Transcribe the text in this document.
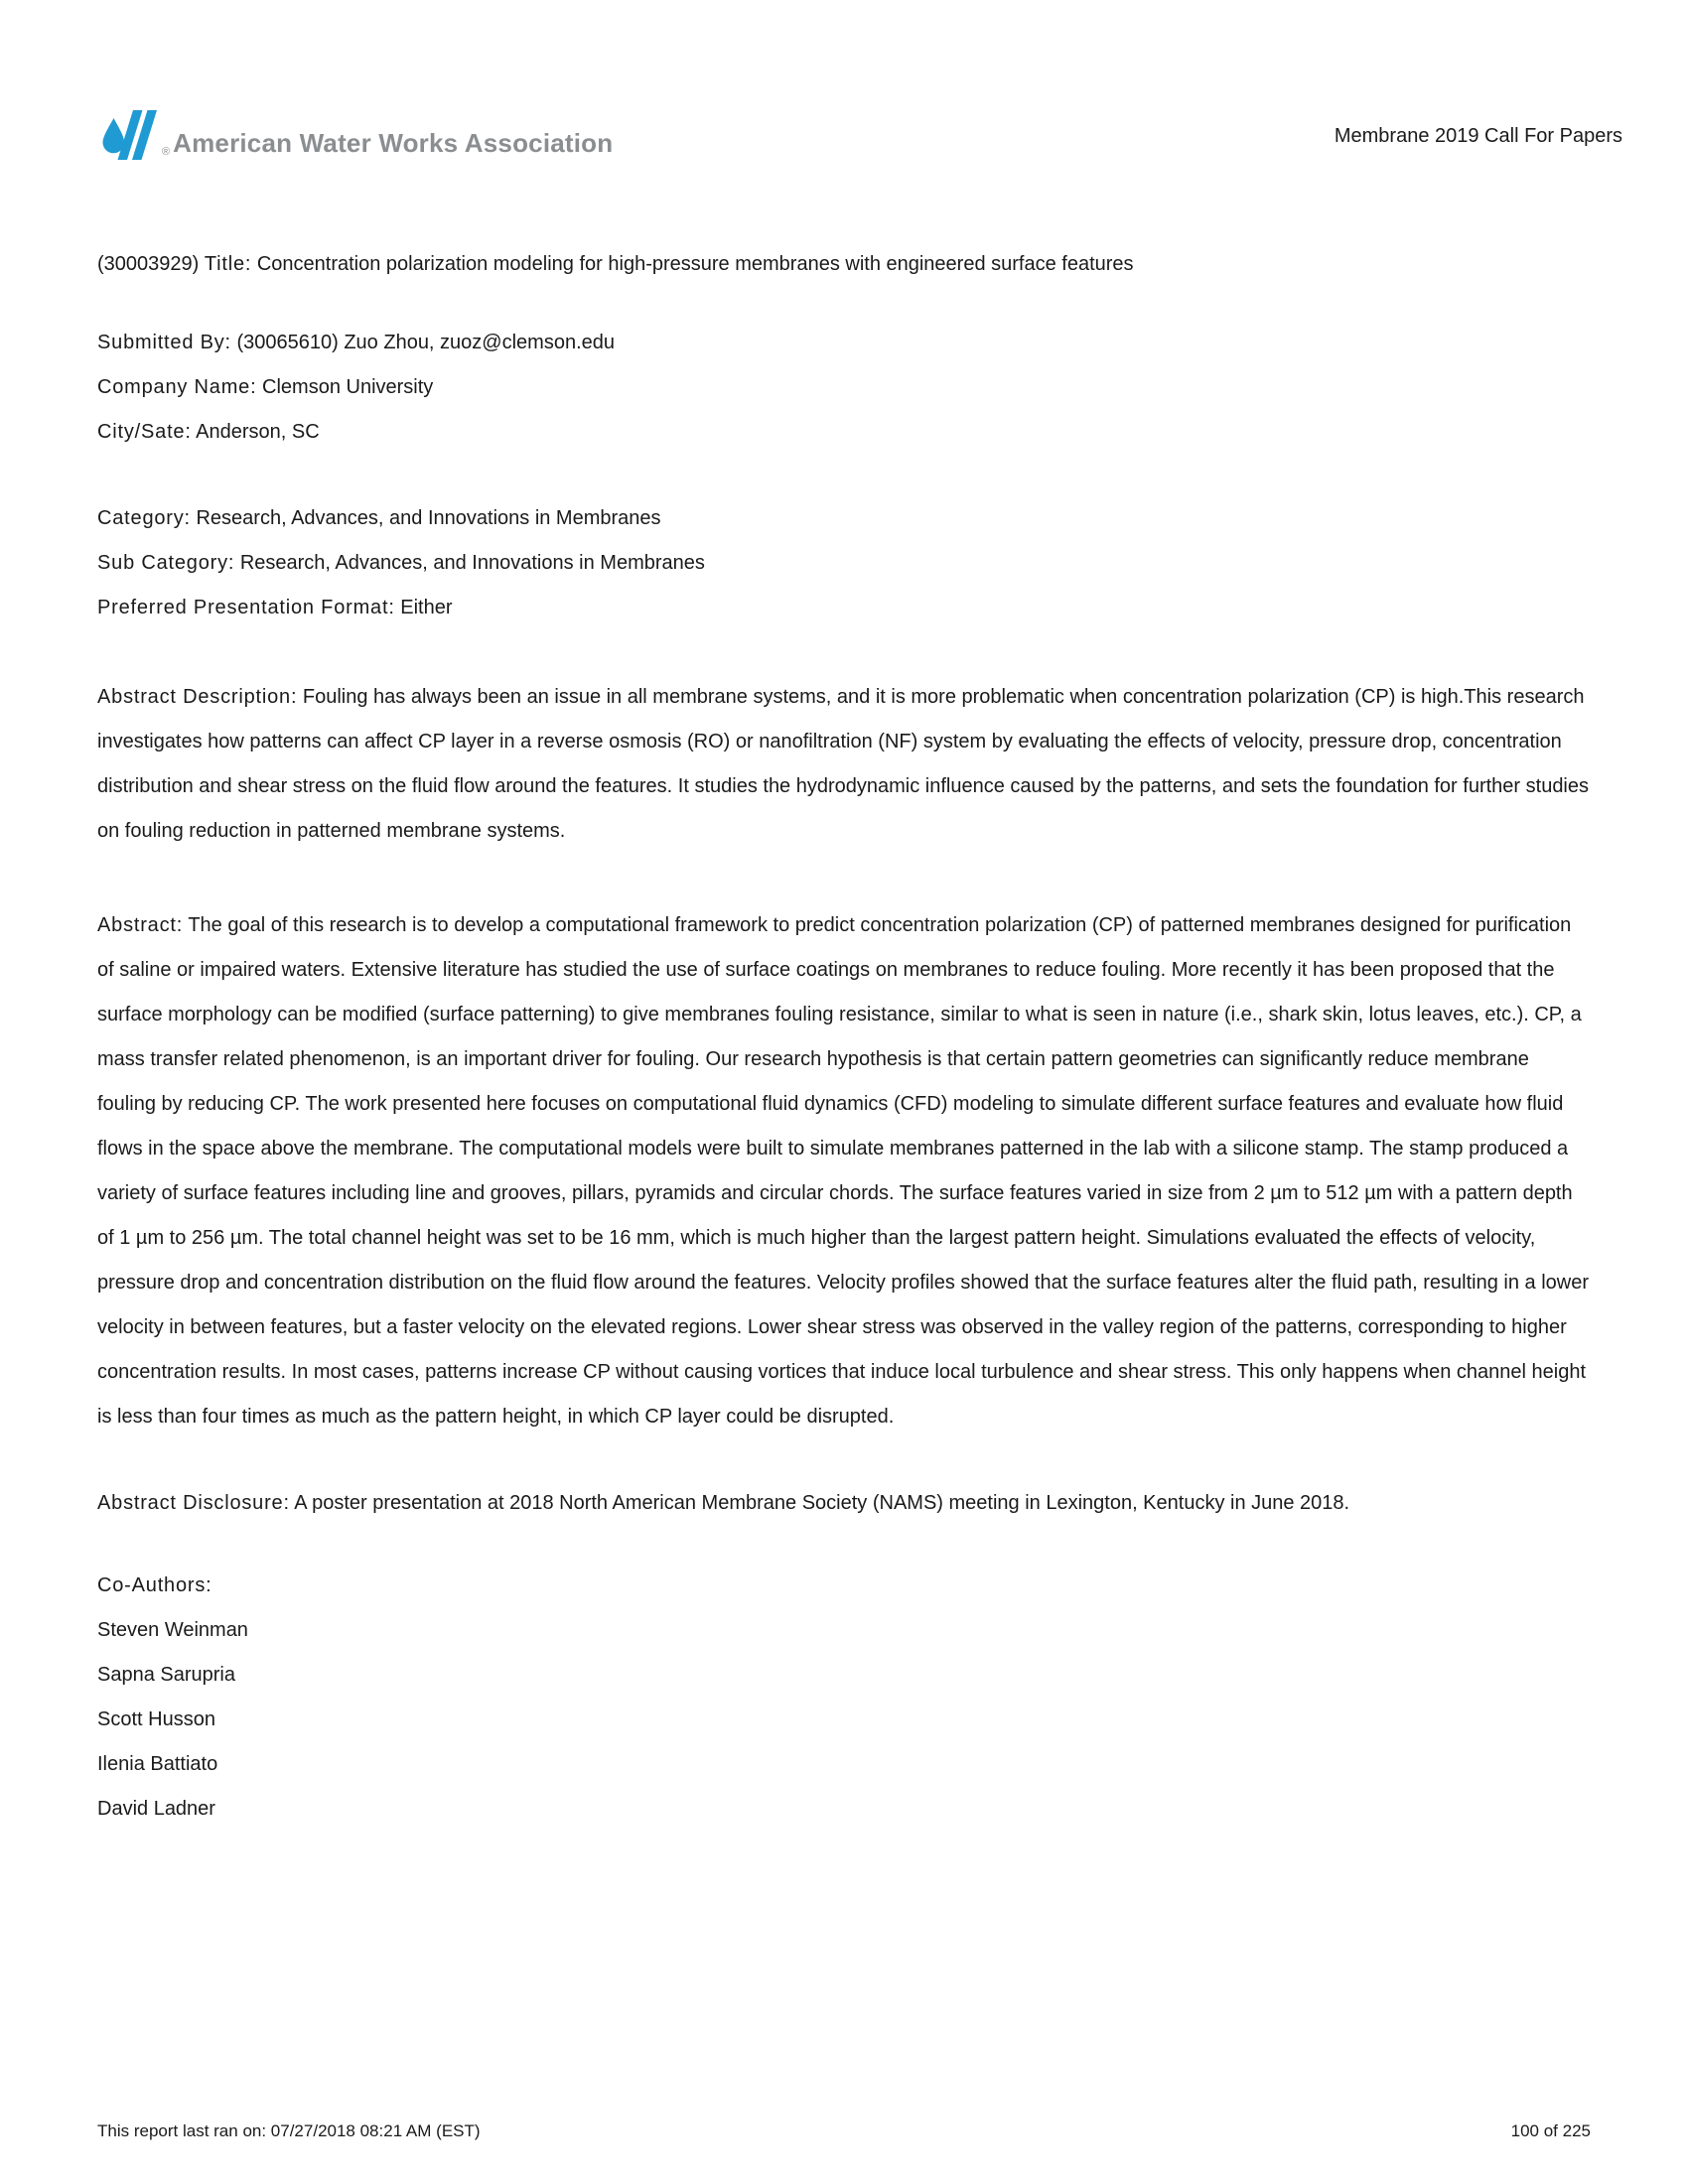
® American Water Works Association	Membrane 2019 Call For Papers
(30003929) Title: Concentration polarization modeling for high-pressure membranes with engineered surface features
Submitted By: (30065610) Zuo Zhou, zuoz@clemson.edu
Company Name: Clemson University
City/Sate: Anderson, SC
Category: Research, Advances, and Innovations in Membranes
Sub Category: Research, Advances, and Innovations in Membranes
Preferred Presentation Format: Either
Abstract Description: Fouling has always been an issue in all membrane systems, and it is more problematic when concentration polarization (CP) is high.This research investigates how patterns can affect CP layer in a reverse osmosis (RO) or nanofiltration (NF) system by evaluating the effects of velocity, pressure drop, concentration distribution and shear stress on the fluid flow around the features. It studies the hydrodynamic influence caused by the patterns, and sets the foundation for further studies on fouling reduction in patterned membrane systems.
Abstract: The goal of this research is to develop a computational framework to predict concentration polarization (CP) of patterned membranes designed for purification of saline or impaired waters. Extensive literature has studied the use of surface coatings on membranes to reduce fouling. More recently it has been proposed that the surface morphology can be modified (surface patterning) to give membranes fouling resistance, similar to what is seen in nature (i.e., shark skin, lotus leaves, etc.). CP, a mass transfer related phenomenon, is an important driver for fouling. Our research hypothesis is that certain pattern geometries can significantly reduce membrane fouling by reducing CP. The work presented here focuses on computational fluid dynamics (CFD) modeling to simulate different surface features and evaluate how fluid flows in the space above the membrane. The computational models were built to simulate membranes patterned in the lab with a silicone stamp. The stamp produced a variety of surface features including line and grooves, pillars, pyramids and circular chords. The surface features varied in size from 2 µm to 512 µm with a pattern depth of 1 µm to 256 µm. The total channel height was set to be 16 mm, which is much higher than the largest pattern height. Simulations evaluated the effects of velocity, pressure drop and concentration distribution on the fluid flow around the features. Velocity profiles showed that the surface features alter the fluid path, resulting in a lower velocity in between features, but a faster velocity on the elevated regions. Lower shear stress was observed in the valley region of the patterns, corresponding to higher concentration results. In most cases, patterns increase CP without causing vortices that induce local turbulence and shear stress. This only happens when channel height is less than four times as much as the pattern height, in which CP layer could be disrupted.
Abstract Disclosure: A poster presentation at 2018 North American Membrane Society (NAMS) meeting in Lexington, Kentucky in June 2018.
Co-Authors:
Steven Weinman
Sapna Sarupria
Scott Husson
Ilenia Battiato
David Ladner
This report last ran on: 07/27/2018 08:21 AM (EST)	100 of 225
